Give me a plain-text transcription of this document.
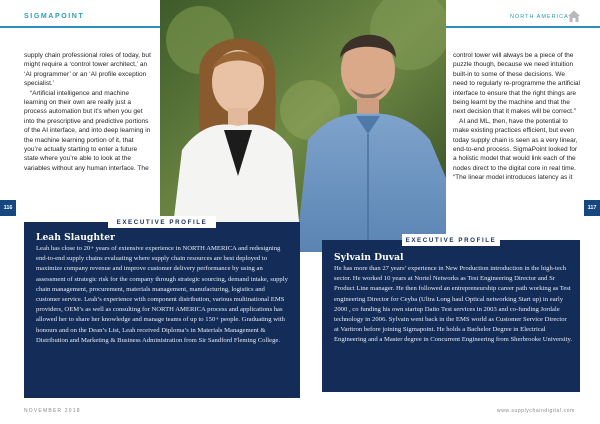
SIGMAPOINT	NORTH AMERICA

supply chain professional roles of today, but might require a ‘control tower architect,’ an ‘AI programmer’ or an ‘AI profile exception specialist.’

“Artificial intelligence and machine learning on their own are really just a process automation but it’s when you get into the prescriptive and predictive portions of the AI interface, and into deep learning in the machine learning portion of it, that you’re actually starting to enter a future state where you’re able to look at the variables without any human interface. The

control tower will always be a piece of the puzzle though, because we need intuition built-in to some of these decisions. We need to regularly re-programme the artificial interface to ensure that the right things are being learnt by the machine and that the next decision that it makes will be correct.”

AI and ML, then, have the potential to make existing practices efficient, but even today supply chain is seen as a very linear, end-to-end process. SigmaPoint looked for a holistic model that would link each of the nodes direct to the digital core in real time. “The linear model introduces latency as it

116	117
EXECUTIVE PROFILE
Leah Slaughter
Leah has close to 20+ years of extensive experience in NORTH AMERICA and redesigning end-to-end supply chains evaluating where supply chain resources are best deployed to maximize company revenue and improve customer delivery performance by using an assessment of strategic risk for the company through strategic sourcing, demand intake, supply chain management, procurement, materials management, manufacturing, logistics and customer service. Leah’s experience with component distribution, various multinational EMS providers, OEM’s as well as consulting for NORTH AMERICA process and applications has allowed her to share her knowledge and manage teams of up to 150+ people. Graduating with honours and on the Dean’s List, Leah received Diploma’s in Materials Management & Distribution and Marketing & Business Administration from Sir Sandford Fleming College.
EXECUTIVE PROFILE
Sylvain Duval
He has more than 27 years’ experience in New Production introduction in the high-tech sector. He worked 10 years at Nortel Networks as Test Engineering Director and Sr Product Line manager. He then followed an entrepreneurship career path working as Test engineering Director for Ceyba (Ultra Long haul Optical networking Start up) in early 2000 , co funding his own startup Daito Test services in 2003 and co-funding Jordale technology in 2006. Sylvain went back in the EMS world as Customer Service Director at Varitron before joining Sigmapoint. He holds a Bachelor Degree in Electrical Engineering and a Master degree in Concurrent Engineering from Sherbrooke University.
NOVEMBER 2018	www.supplychaindigital.com
